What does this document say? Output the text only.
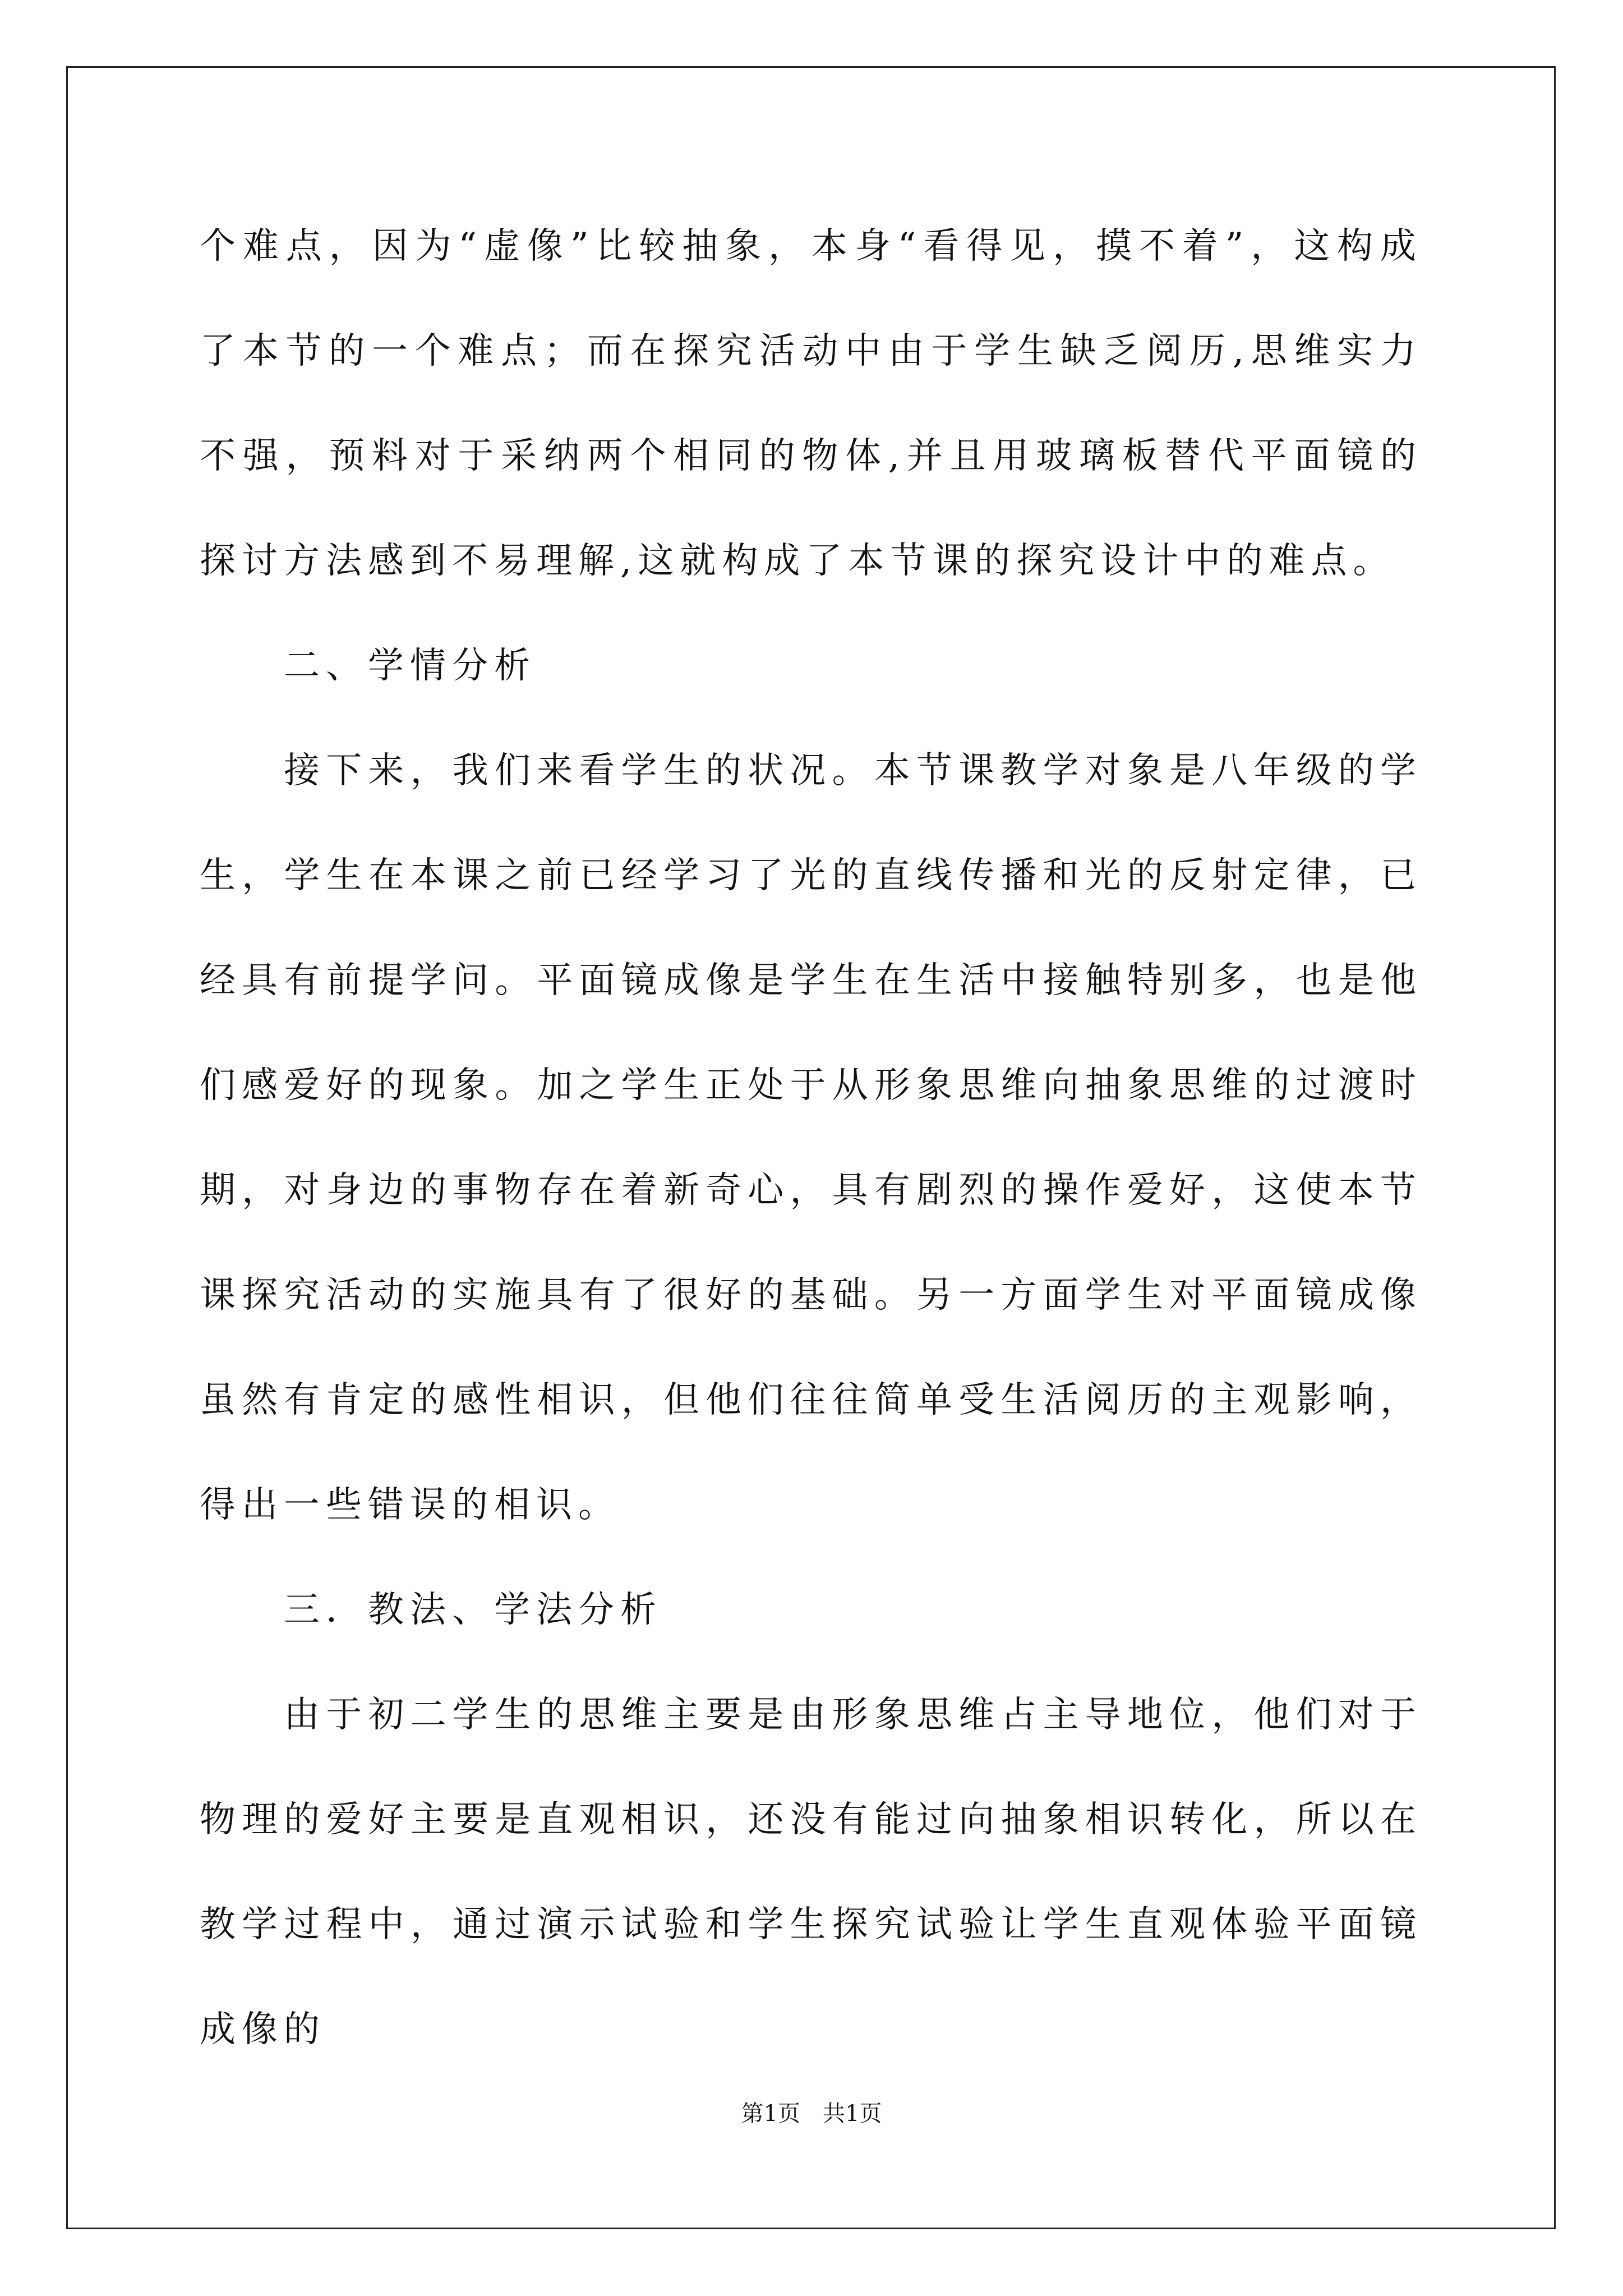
个难点，因为“虚像”比较抽象，本身“看得见，摸不着”，这构成了本节的一个难点；而在探究活动中由于学生缺乏阅历,思维实力不强，预料对于采纳两个相同的物体,并且用玻璃板替代平面镜的探讨方法感到不易理解,这就构成了本节课的探究设计中的难点。

二、学情分析

接下来，我们来看学生的状况。本节课教学对象是八年级的学生，学生在本课之前已经学习了光的直线传播和光的反射定律，已经具有前提学问。平面镜成像是学生在生活中接触特别多，也是他们感爱好的现象。加之学生正处于从形象思维向抽象思维的过渡时期，对身边的事物存在着新奇心，具有剧烈的操作爱好，这使本节课探究活动的实施具有了很好的基础。另一方面学生对平面镜成像虽然有肯定的感性相识，但他们往往简单受生活阅历的主观影响，得出一些错误的相识。

三．教法、学法分析

由于初二学生的思维主要是由形象思维占主导地位，他们对于物理的爱好主要是直观相识，还没有能过向抽象相识转化，所以在教学过程中，通过演示试验和学生探究试验让学生直观体验平面镜成像的

第1页　共1页
